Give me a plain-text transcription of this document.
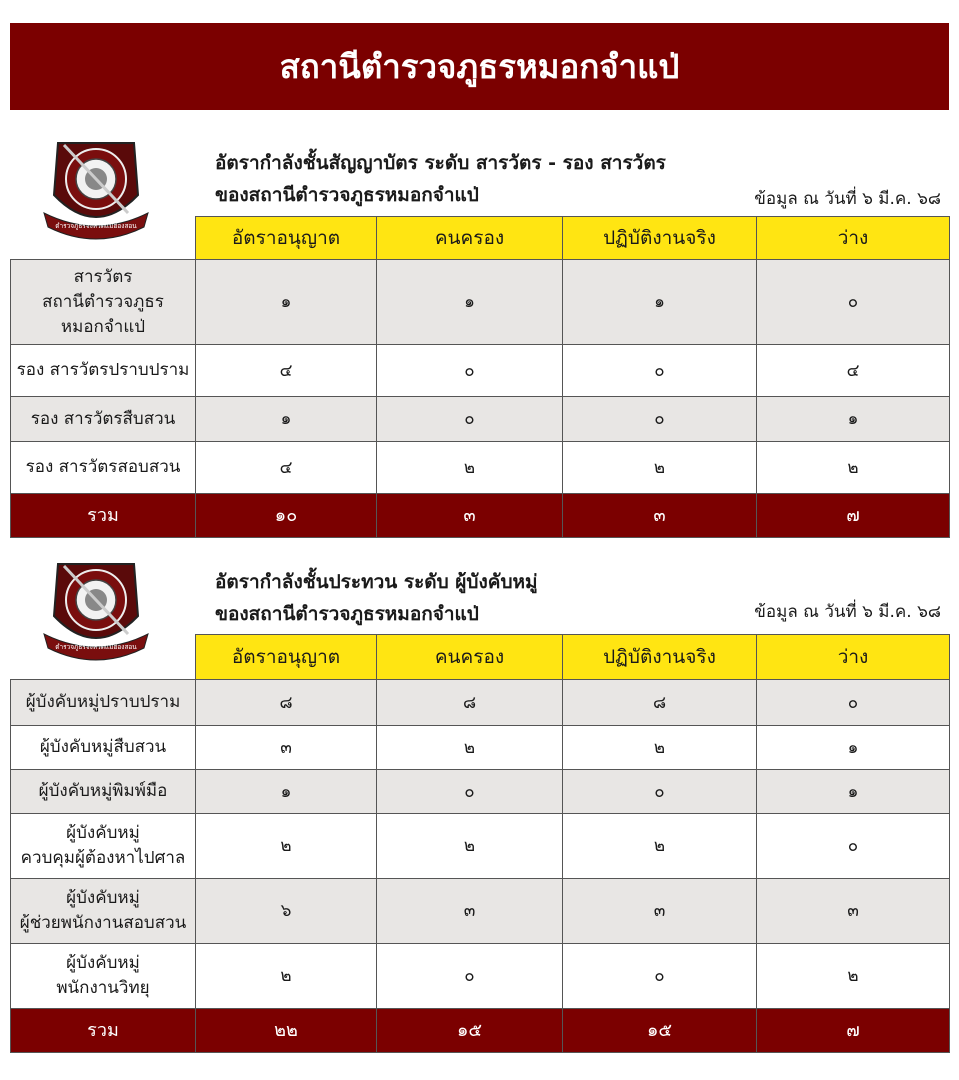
สถานีตำรวจภูธรหมอกจำแป่
ตำรวจภูธรจังหวัดแม่ฮ่องสอน
อัตรากำลังชั้นสัญญาบัตร ระดับ สารวัตร - รอง สารวัตร
ของสถานีตำรวจภูธรหมอกจำแป่	ข้อมูล ณ วันที่ ๖ มี.ค. ๖๘
	อัตราอนุญาต	คนครอง	ปฏิบัติงานจริง	ว่าง
สารวัตร
สถานีตำรวจภูธร
หมอกจำแป่	๑	๑	๑	๐
รอง สารวัตรปราบปราม	๔	๐	๐	๔
รอง สารวัตรสืบสวน	๑	๐	๐	๑
รอง สารวัตรสอบสวน	๔	๒	๒	๒
รวม	๑๐	๓	๓	๗
ตำรวจภูธรจังหวัดแม่ฮ่องสอน
อัตรากำลังชั้นประทวน ระดับ ผู้บังคับหมู่
ของสถานีตำรวจภูธรหมอกจำแป่	ข้อมูล ณ วันที่ ๖ มี.ค. ๖๘
	อัตราอนุญาต	คนครอง	ปฏิบัติงานจริง	ว่าง
ผู้บังคับหมู่ปราบปราม	๘	๘	๘	๐
ผู้บังคับหมู่สืบสวน	๓	๒	๒	๑
ผู้บังคับหมู่พิมพ์มือ	๑	๐	๐	๑
ผู้บังคับหมู่
ควบคุมผู้ต้องหาไปศาล	๒	๒	๒	๐
ผู้บังคับหมู่
ผู้ช่วยพนักงานสอบสวน	๖	๓	๓	๓
ผู้บังคับหมู่
พนักงานวิทยุ	๒	๐	๐	๒
รวม	๒๒	๑๕	๑๕	๗
